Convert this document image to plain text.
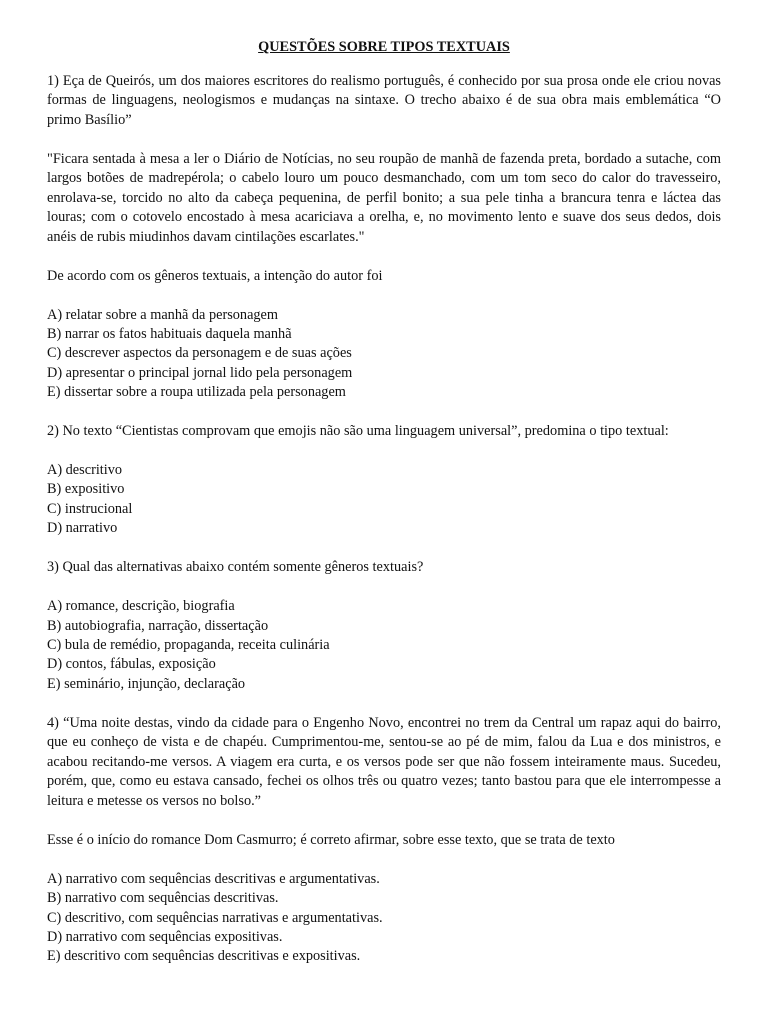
QUESTÕES SOBRE TIPOS TEXTUAIS

1) Eça de Queirós, um dos maiores escritores do realismo português, é conhecido por sua prosa onde ele criou novas formas de linguagens, neologismos e mudanças na sintaxe. O trecho abaixo é de sua obra mais emblemática “O primo Basílio”

"Ficara sentada à mesa a ler o Diário de Notícias, no seu roupão de manhã de fazenda preta, bordado a sutache, com largos botões de madrepérola; o cabelo louro um pouco desmanchado, com um tom seco do calor do travesseiro, enrolava-se, torcido no alto da cabeça pequenina, de perfil bonito; a sua pele tinha a brancura tenra e láctea das louras; com o cotovelo encostado à mesa acariciava a orelha, e, no movimento lento e suave dos seus dedos, dois anéis de rubis miudinhos davam cintilações escarlates."

De acordo com os gêneros textuais, a intenção do autor foi

A) relatar sobre a manhã da personagem

B) narrar os fatos habituais daquela manhã

C) descrever aspectos da personagem e de suas ações

D) apresentar o principal jornal lido pela personagem

E) dissertar sobre a roupa utilizada pela personagem

2) No texto “Cientistas comprovam que emojis não são uma linguagem universal”, predomina o tipo textual:

A) descritivo

B) expositivo

C) instrucional

D) narrativo

3) Qual das alternativas abaixo contém somente gêneros textuais?

A) romance, descrição, biografia

B) autobiografia, narração, dissertação

C) bula de remédio, propaganda, receita culinária

D) contos, fábulas, exposição

E) seminário, injunção, declaração

4) “Uma noite destas, vindo da cidade para o Engenho Novo, encontrei no trem da Central um rapaz aqui do bairro, que eu conheço de vista e de chapéu. Cumprimentou-me, sentou-se ao pé de mim, falou da Lua e dos ministros, e acabou recitando-me versos. A viagem era curta, e os versos pode ser que não fossem inteiramente maus. Sucedeu, porém, que, como eu estava cansado, fechei os olhos três ou quatro vezes; tanto bastou para que ele interrompesse a leitura e metesse os versos no bolso.”

Esse é o início do romance Dom Casmurro; é correto afirmar, sobre esse texto, que se trata de texto

A) narrativo com sequências descritivas e argumentativas.

B) narrativo com sequências descritivas.

C) descritivo, com sequências narrativas e argumentativas.

D) narrativo com sequências expositivas.

E) descritivo com sequências descritivas e expositivas.
